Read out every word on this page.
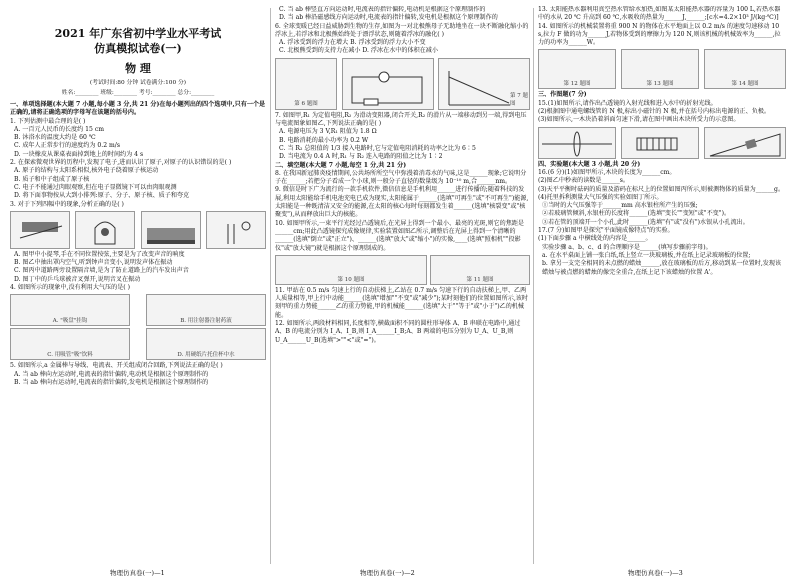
2021 年广东省初中学业水平考试
仿真模拟试卷(一)
物 理
(考试时间:80 分钟 试卷满分:100 分)
姓名:________ 班级:________ 考号:________ 总分:________

一、单项选择题(本大题 7 小题,每小题 3 分,共 21 分)在每小题列出的四个选项中,只有一个是正确的,请将正确选项的字母写在该题的括号内。

1. 下列估测中最合理的是( )

A. 一百元人民币的长度约 15 cm

B. 沐浴水的温度大约是 60 ℃

C. 成年人正常步行的速度约为 0.2 m/s

D. 一块橡皮从课桌表面掉到地上的时间约为 4 s

2. 在探索微观世界的历程中,发现了电子,进而认识了原子,对原子的认识错误的是( )

A. 原子的结构与太阳系相似,核外电子绕着原子核运动

B. 质子和中子组成了原子核

C. 电子不能通过肉眼观察,但在电子显微镜下可以由肉眼观测

D. 将下面事物按从大到小排列:原子、分子、原子核、质子和夸克

3. 对于下列四幅中的现象,分析正确的是( )

A. 图甲中小提琴,手在不同位置按弦,主要是为了改变声音的响度

B. 图乙中抽出罩内空气,听到钟声音变小,说明发声体在振动

C. 图丙中道路两旁设置隔音墙,是为了防止道路上的汽车发出声音

D. 图丁中的乒乓球被音叉弹开,说明音叉在振动

4. 如图所示的现象中,没有利用大气压的是( )

A. "吸盘"挂钩	B. 用注射器注射药液
C. 用吸管"吸"饮料	D. 用硬纸片托住杯中水

5. 如图所示,a 金属棒与导线、电流表、开关组成闭合回路,下列说法正确的是( )

A. 当 ab 棒向左运动时,电流表的指针偏转,电动机是根据这个原理制作的

B. 当 ab 棒向右运动时,电流表的指针偏转,发电机是根据这个原理制作的

C. 当 ab 棒竖直方向运动时,电流表的指针偏转,电动机是根据这个原理制作的

D. 当 ab 棒沿磁感线方向运动时,电流表的指针偏转,发电机是根据这个原理制作的

6. 全球变暖已经日益威胁到生物的生存,如图为一对北极熊母子无助地坐在一块不断融化缩小的浮冰上,若浮冰和北极熊始终处于漂浮状态,则随着浮冰的融化( )

A. 浮冰受到的浮力在增大 B. 浮冰受到的浮力大小不变

C. 北极熊受到的支持力在减小 D. 浮冰在水中的体积在减小

第 6 题图
第 7 题图

7. 如图甲,R₁ 为定值电阻,R₂ 为滑动变阻器,闭合开关,R₂ 的滑片从一端移动到另一端,得到电压与电流图象如图乙,下列说法正确的是( )

A. 电源电压为 3 V,R₁ 阻值为 1.8 Ω

B. 电路消耗的最小功率为 0.2 W

C. 当 R₂ 总阻值的 1/3 接入电路时,它与定值电阻消耗的功率之比为 6∶5

D. 当电流为 0.4 A 时,R₁ 与 R₂ 连入电路的阻值之比为 1∶2

二、填空题(本大题 7 小题,每空 1 分,共 21 分)

8. 在我国新冠肺炎疫情期间,公共场所所空气中弥漫着消毒水的气味,这是______现象;它说明分子在______;若把分子看成一个小球,则一般分子直径的数量级为 10⁻¹⁰ m,合______nm。

9. 微信是时下广为流行的一款手机软件,微信信息是手机利用______进行传播的;随着科技的发展,利用太阳能给手机电池充电已成为现实,太阳能属于______(选填"可再生"或"不可再生")能源,太阳能是一种既清洁又安全的能源,在太阳的核心每时每刻都发生着______(选填"核裂变"或"核聚变"),从而释放出巨大的核能。

10. 如图甲所示,一束平行光经过凸透镜后,在光屏上得到一个最小、最亮的光斑,则它的焦距是______cm;用此凸透镜探究成像规律,实验装置如图乙所示,调整后在光屏上得到一个清晰的______(选填"倒立"或"正立")、______(选填"放大"或"缩小")的实像,____(选填"照相机""投影仪"或"放大镜")就是根据这个原理制成的。

第 10 题图	第 11 题图

11. 甲站在 0.5 m/s 匀速上行的自动扶梯上,乙站在 0.7 m/s 匀速下行的自动扶梯上,甲、乙两人质量相等,甲上行中动能______(选填"增加""不变"或"减少");某时刻他们的位置如图所示,该时刻甲的重力势能______乙的重力势能,甲的机械能______(选填"大于""等于"或"小于")乙的机械能。

12. 如图所示,两段材料相同,长度相等,横截面积不同的圆柱形导体 A、B 串联在电路中,通过 A、B 的电流分别为 I_A、I_B,则 I_A______I_B;A、B 两端的电压分别为 U_A、U_B,则 U_A______U_B(选填">""<"或"=")。

13. 太阳能热水器利用真空热水管给水加热,如图某太阳能热水器的容量为 100 L,若热水器中的水从 20 ℃ 升高到 60 ℃,水吸收的热量为______J,______;[c水=4.2×10³ J/(kg·℃)]

14. 如图所示的机械装置将重 900 N 的物体在水平地面上以 0.2 m/s 的速度匀速移动 10 s,拉力 F 做的功为______J,若物体受到的摩擦力为 120 N,则该机械的机械效率为______,拉力的功率为______W。

第 12 题图	第 13 题图	第 14 题图

三、作图题(7 分)

15.(1)如图所示,请作出凸透镜的入射光线和进入水中的折射光线。

(2)根据图中通电螺线管的 N 极,标出小磁针的 N 极,并在括号内标出电源的正、负极。

(3)如图所示,一木块沿着斜面匀速下滑,请在图中画出木块所受力的示意图。

四、实验题(本大题 3 小题,共 20 分)

16.(6 分)(1)如图甲所示,木块的长度为______cm。

(2)图乙中秒表的读数是______s。

(3)天平平衡时砝码的质量及游码在标尺上的位置如图丙所示,则被测物体的质量为______g。

(4)托里拆利测量大气压强的实验如图丁所示。

①当时的大气压强等于______mm 高水银柱所产生的压强;

②若玻璃管倾斜,水银柱的长度将______(选填"变长""变短"或"不变")。

③若在管的顶端开一个小孔,此时______(选填"有"或"没有")水银从小孔流出。

17.(7 分)如图甲是探究"平面镜成像特点"的实验。

(1)下面步骤 a 中横线处的内容是______。

实验步骤 a、b、c、d 的合理顺序是______(填写步骤前字母)。

a. 在水平桌面上铺一张白纸,纸上竖立一块玻璃板,并在纸上记录玻璃板的位置;

b. 拿另一支完全相同的未点燃的蜡烛______,放在玻璃板的后方,移动到某一位置时,发现该蜡烛与被点燃的蜡烛的像完全重合,在纸上记下该蜡烛的位置 A'。

物理仿真卷(一)—1	物理仿真卷(一)—2	物理仿真卷(一)—3
